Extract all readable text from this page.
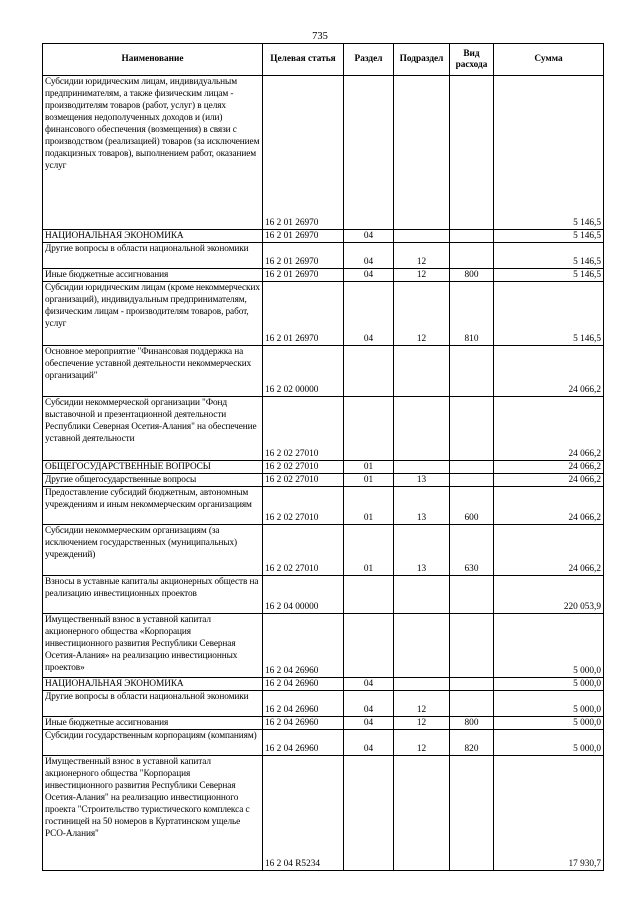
735
Наименование	Целевая статья	Раздел	Подраздел	Вид расхода	Сумма
Субсидии юридическим лицам, индивидуальным предпринимателям, а также физическим лицам - производителям товаров (работ, услуг) в целях возмещения недополученных доходов и (или) финансового обеспечения (возмещения) в связи с производством (реализацией) товаров (за исключением подакцизных товаров), выполнением работ, оказанием услуг	16 2 01 26970				5 146,5
НАЦИОНАЛЬНАЯ ЭКОНОМИКА	16 2 01 26970	04			5 146,5
Другие вопросы в области национальной экономики	16 2 01 26970	04	12		5 146,5
Иные бюджетные ассигнования	16 2 01 26970	04	12	800	5 146,5
Субсидии юридическим лицам (кроме некоммерческих организаций), индивидуальным предпринимателям, физическим лицам - производителям товаров, работ, услуг	16 2 01 26970	04	12	810	5 146,5
Основное мероприятие "Финансовая поддержка на обеспечение уставной деятельности некоммерческих организаций"	16 2 02 00000				24 066,2
Субсидии некоммерческой организации "Фонд выставочной и презентационной деятельности Республики Северная Осетия-Алания" на обеспечение уставной деятельности	16 2 02 27010				24 066,2
ОБЩЕГОСУДАРСТВЕННЫЕ ВОПРОСЫ	16 2 02 27010	01			24 066,2
Другие общегосударственные вопросы	16 2 02 27010	01	13		24 066,2
Предоставление субсидий бюджетным, автономным учреждениям и иным некоммерческим организациям	16 2 02 27010	01	13	600	24 066,2
Субсидии некоммерческим организациям (за исключением государственных (муниципальных) учреждений)	16 2 02 27010	01	13	630	24 066,2
Взносы в уставные капиталы акционерных обществ на реализацию инвестиционных проектов	16 2 04 00000				220 053,9
Имущественный взнос в уставной капитал акционерного общества «Корпорация инвестиционного развития Республики Северная Осетия-Алания» на реализацию инвестиционных проектов»	16 2 04 26960				5 000,0
НАЦИОНАЛЬНАЯ ЭКОНОМИКА	16 2 04 26960	04			5 000,0
Другие вопросы в области национальной экономики	16 2 04 26960	04	12		5 000,0
Иные бюджетные ассигнования	16 2 04 26960	04	12	800	5 000,0
Субсидии государственным корпорациям (компаниям)	16 2 04 26960	04	12	820	5 000,0
Имущественный взнос в уставной капитал акционерного общества "Корпорация инвестиционного развития Республики Северная Осетия-Алания" на реализацию инвестиционного проекта "Строительство туристического комплекса с гостиницей на 50 номеров в Куртатинском ущелье РСО-Алания"	16 2 04 R5234				17 930,7
